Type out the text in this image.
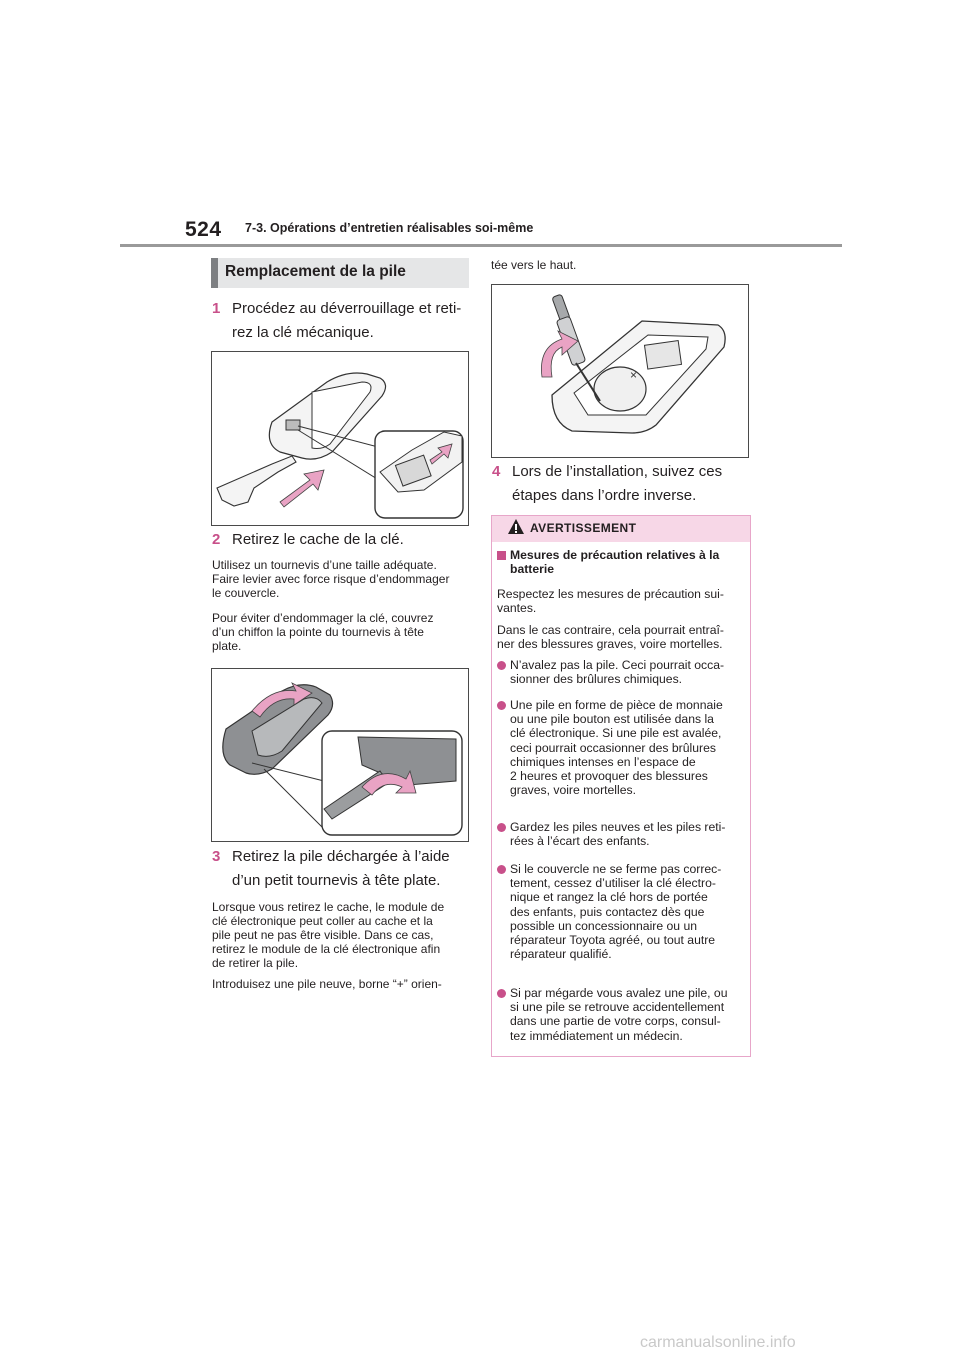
524 7-3. Opérations d’entretien réalisables soi-même
Remplacement de la pile
1 Procédez au déverrouillage et reti-
rez la clé mécanique.
2 Retirez le cache de la clé.
Utilisez un tournevis d’une taille adéquate.
Faire levier avec force risque d’endommager
le couvercle.
Pour éviter d’endommager la clé, couvrez
d’un chiffon la pointe du tournevis à tête
plate.
3 Retirez la pile déchargée à l’aide
d’un petit tournevis à tête plate.
Lorsque vous retirez le cache, le module de
clé électronique peut coller au cache et la
pile peut ne pas être visible. Dans ce cas,
retirez le module de la clé électronique afin
de retirer la pile.
Introduisez une pile neuve, borne “+” orien-
tée vers le haut.
×
4 Lors de l’installation, suivez ces
étapes dans l’ordre inverse.
AVERTISSEMENT
Mesures de précaution relatives à la
batterie
Respectez les mesures de précaution sui-
vantes.
Dans le cas contraire, cela pourrait entraî-
ner des blessures graves, voire mortelles.
N’avalez pas la pile. Ceci pourrait occa-
sionner des brûlures chimiques.
Une pile en forme de pièce de monnaie
ou une pile bouton est utilisée dans la
clé électronique. Si une pile est avalée,
ceci pourrait occasionner des brûlures
chimiques intenses en l’espace de
2 heures et provoquer des blessures
graves, voire mortelles.
Gardez les piles neuves et les piles reti-
rées à l’écart des enfants.
Si le couvercle ne se ferme pas correc-
tement, cessez d’utiliser la clé électro-
nique et rangez la clé hors de portée
des enfants, puis contactez dès que
possible un concessionnaire ou un
réparateur Toyota agréé, ou tout autre
réparateur qualifié.
Si par mégarde vous avalez une pile, ou
si une pile se retrouve accidentellement
dans une partie de votre corps, consul-
tez immédiatement un médecin.
carmanualsonline.info
